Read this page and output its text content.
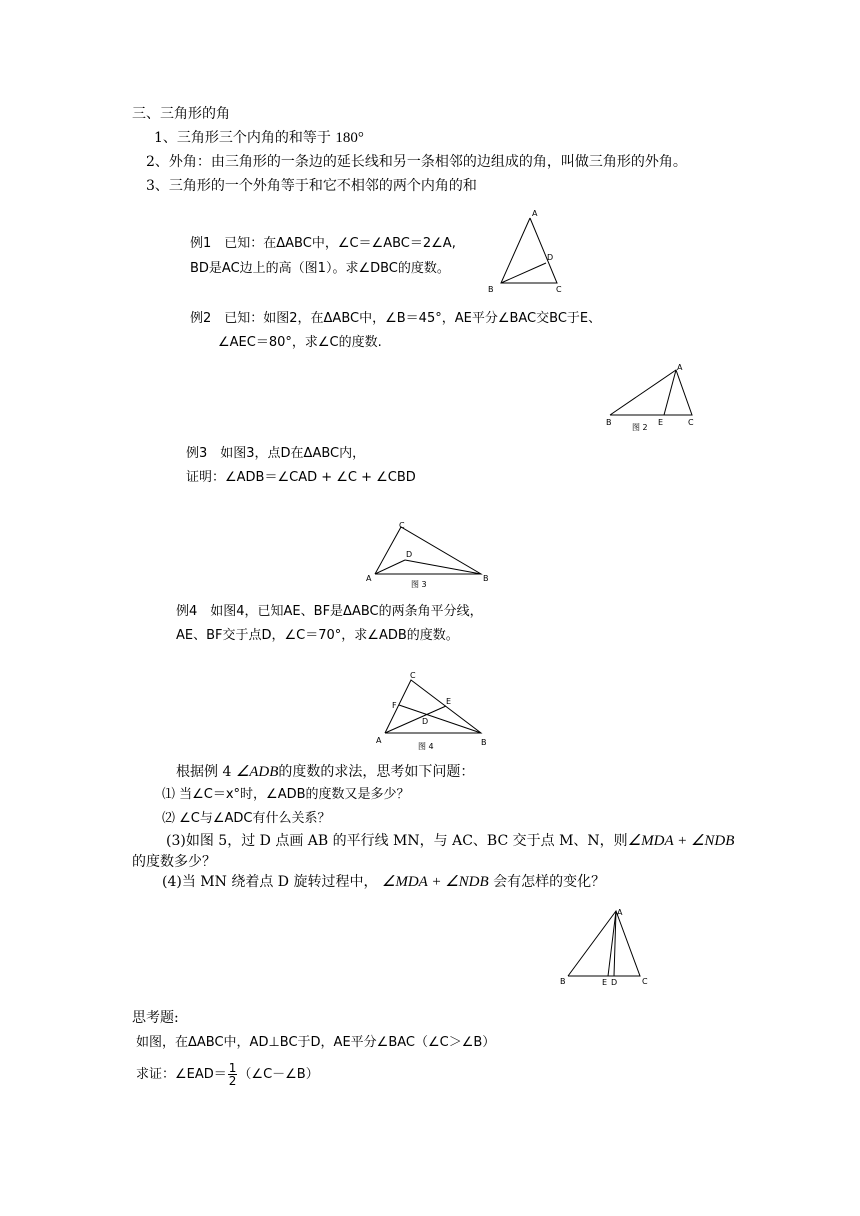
三、三角形的角
1、三角形三个内角的和等于 180°
2、外角：由三角形的一条边的延长线和另一条相邻的边组成的角，叫做三角形的外角。
3、三角形的一个外角等于和它不相邻的两个内角的和
例1　已知：在ΔABC中，∠C＝∠ABC＝2∠A,
BD是AC边上的高（图1）。求∠DBC的度数。
A
B	C
D
例2　已知：如图2，在ΔABC中，∠B＝45°，AE平分∠BAC交BC于E、
∠AEC＝80°，求∠C的度数.
A
B	E	C
图 2
例3　如图3，点D在ΔABC内，
证明：∠ADB＝∠CAD + ∠C + ∠CBD
C
D
A	B
图 3
例4　如图4，已知AE、BF是ΔABC的两条角平分线，
AE、BF交于点D，∠C＝70°，求∠ADB的度数。
C
F	E
D
A	B
图 4
根据例 4 ∠ADB的度数的求法，思考如下问题：
⑴ 当∠C＝x°时，∠ADB的度数又是多少？
⑵ ∠C与∠ADC有什么关系？
(3)如图 5，过 D 点画 AB 的平行线 MN，与 AC、BC 交于点 M、N，则∠MDA + ∠NDB
的度数多少？
(4)当 MN 绕着点 D 旋转过程中， ∠MDA + ∠NDB 会有怎样的变化？
A
B	E D	C
思考题:
如图，在ΔABC中，AD⊥BC于D，AE平分∠BAC（∠C＞∠B）
求证：∠EAD＝ $\frac{1}{2}$ （∠C－∠B）
